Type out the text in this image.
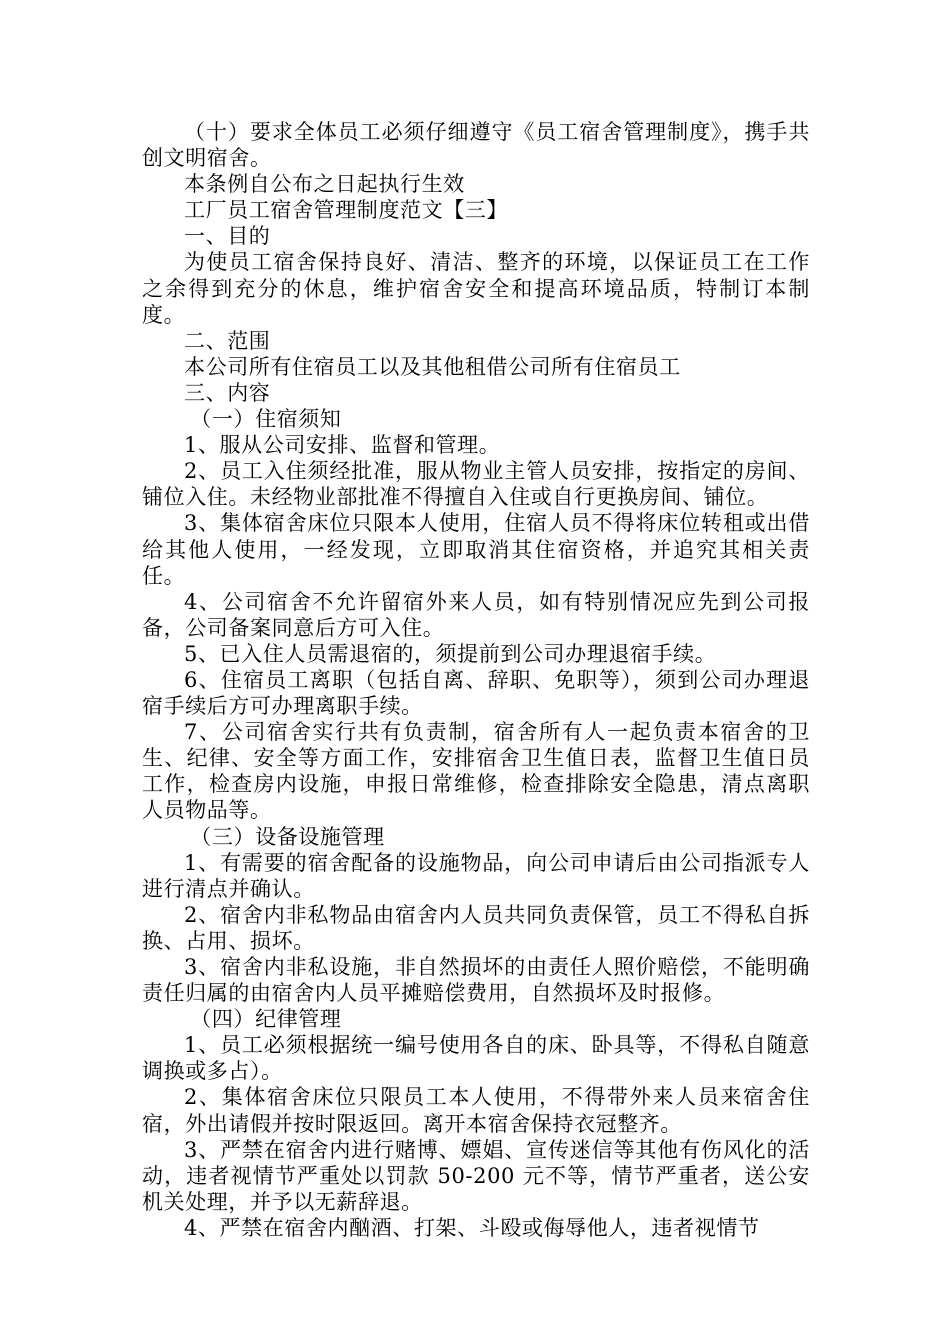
（十）要求全体员工必须仔细遵守《员工宿舍管理制度》，携手共创文明宿舍。

本条例自公布之日起执行生效

工厂员工宿舍管理制度范文【三】

一、目的

为使员工宿舍保持良好、清洁、整齐的环境，以保证员工在工作之余得到充分的休息，维护宿舍安全和提高环境品质，特制订本制度。

二、范围

本公司所有住宿员工以及其他租借公司所有住宿员工

三、内容

（一）住宿须知

1、服从公司安排、监督和管理。

2、员工入住须经批准，服从物业主管人员安排，按指定的房间、铺位入住。未经物业部批准不得擅自入住或自行更换房间、铺位。

3、集体宿舍床位只限本人使用，住宿人员不得将床位转租或出借给其他人使用，一经发现，立即取消其住宿资格，并追究其相关责任。

4、公司宿舍不允许留宿外来人员，如有特别情况应先到公司报备，公司备案同意后方可入住。

5、已入住人员需退宿的，须提前到公司办理退宿手续。

6、住宿员工离职（包括自离、辞职、免职等），须到公司办理退宿手续后方可办理离职手续。

7、公司宿舍实行共有负责制，宿舍所有人一起负责本宿舍的卫生、纪律、安全等方面工作，安排宿舍卫生值日表，监督卫生值日员工作，检查房内设施，申报日常维修，检查排除安全隐患，清点离职人员物品等。

（三）设备设施管理

1、有需要的宿舍配备的设施物品，向公司申请后由公司指派专人进行清点并确认。

2、宿舍内非私物品由宿舍内人员共同负责保管，员工不得私自拆换、占用、损坏。

3、宿舍内非私设施，非自然损坏的由责任人照价赔偿，不能明确责任归属的由宿舍内人员平摊赔偿费用，自然损坏及时报修。

（四）纪律管理

1、员工必须根据统一编号使用各自的床、卧具等，不得私自随意调换或多占）。

2、集体宿舍床位只限员工本人使用，不得带外来人员来宿舍住宿，外出请假并按时限返回。离开本宿舍保持衣冠整齐。

3、严禁在宿舍内进行赌博、嫖娼、宣传迷信等其他有伤风化的活动，违者视情节严重处以罚款 50-200 元不等，情节严重者，送公安机关处理，并予以无薪辞退。

4、严禁在宿舍内酗酒、打架、斗殴或侮辱他人，违者视情节
